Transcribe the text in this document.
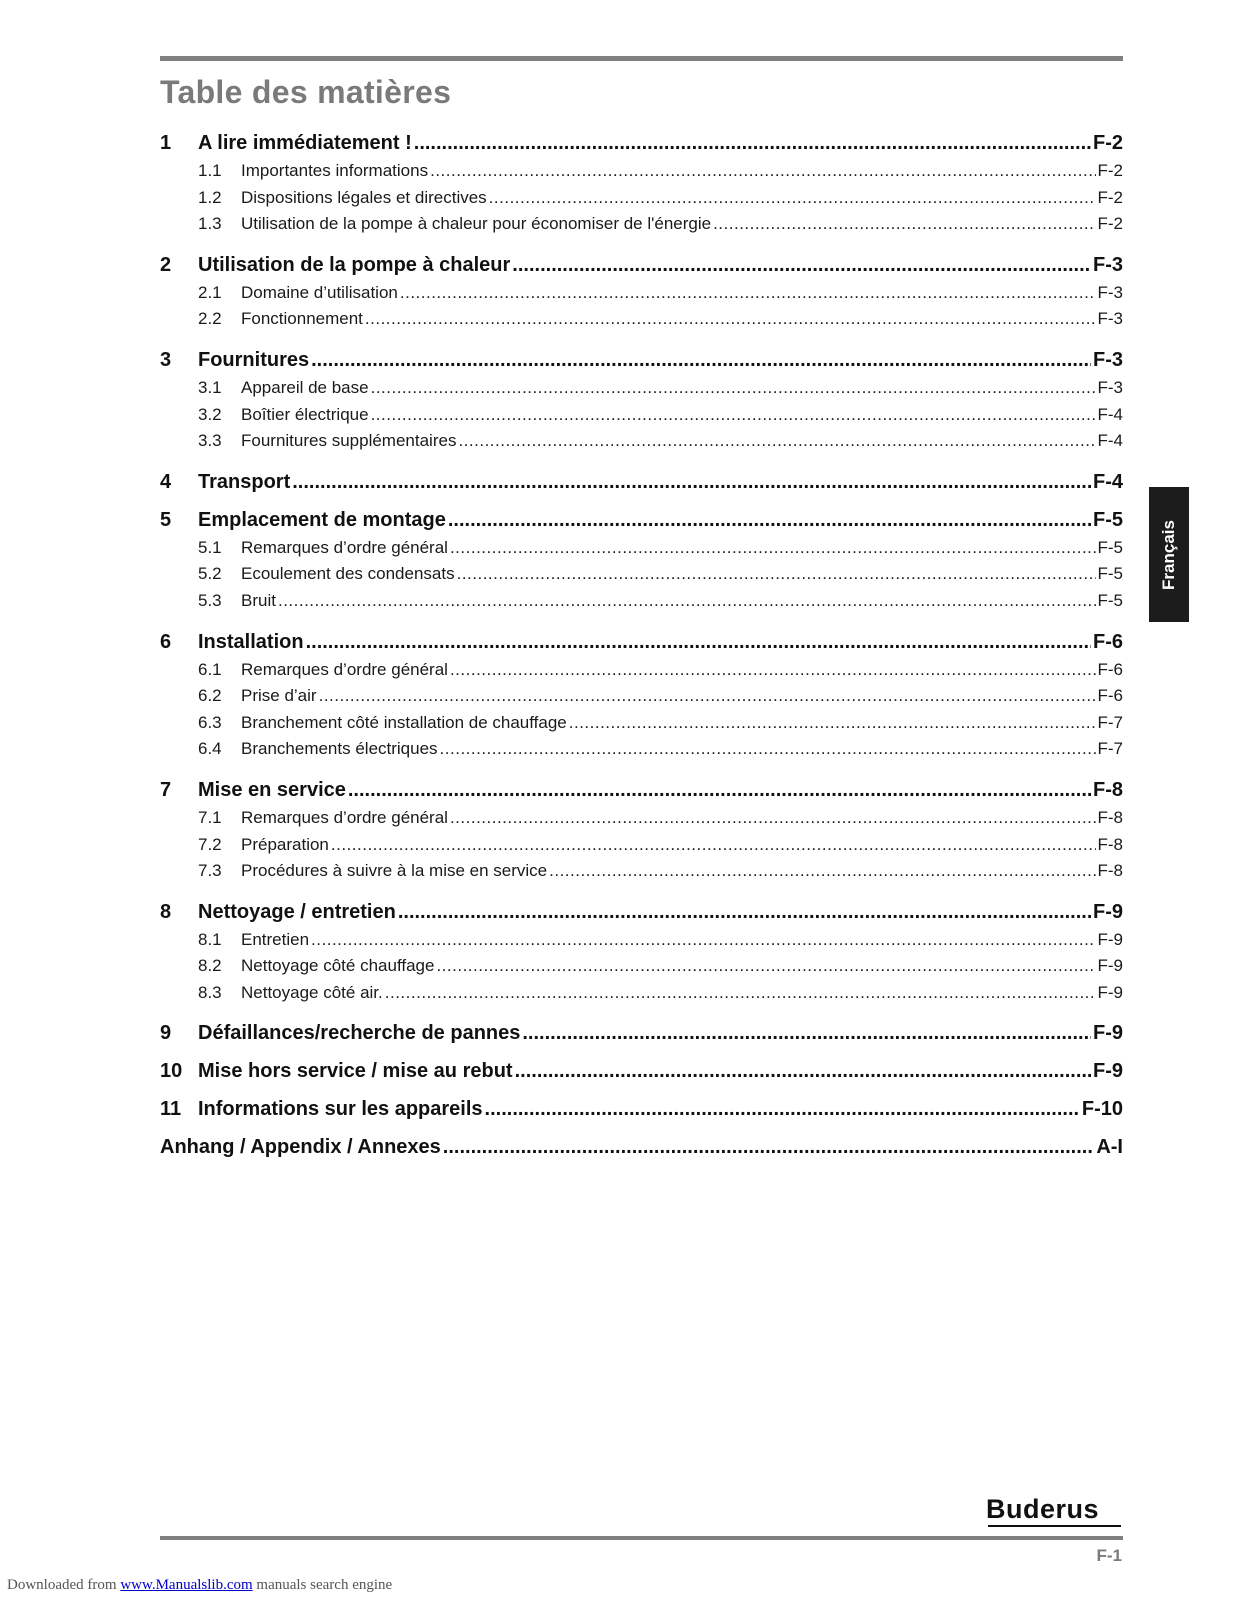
Table des matières
1	A lire immédiatement ! .....	F-2
1.1	Importantes informations .....	F-2
1.2	Dispositions légales et directives .....	F-2
1.3	Utilisation de la pompe à chaleur pour économiser de l'énergie .....	F-2
2	Utilisation de la pompe à chaleur .....	F-3
2.1	Domaine d’utilisation .....	F-3
2.2	Fonctionnement .....	F-3
3	Fournitures .....	F-3
3.1	Appareil de base .....	F-3
3.2	Boîtier électrique .....	F-4
3.3	Fournitures supplémentaires .....	F-4
4	Transport .....	F-4
5	Emplacement de montage .....	F-5
5.1	Remarques d’ordre général .....	F-5
5.2	Ecoulement des condensats .....	F-5
5.3	Bruit .....	F-5
6	Installation .....	F-6
6.1	Remarques d’ordre général .....	F-6
6.2	Prise d’air .....	F-6
6.3	Branchement côté installation de chauffage .....	F-7
6.4	Branchements électriques .....	F-7
7	Mise en service .....	F-8
7.1	Remarques d’ordre général .....	F-8
7.2	Préparation .....	F-8
7.3	Procédures à suivre à la mise en service .....	F-8
8	Nettoyage / entretien .....	F-9
8.1	Entretien .....	F-9
8.2	Nettoyage côté chauffage .....	F-9
8.3	Nettoyage côté air. .....	F-9
9	Défaillances/recherche de pannes .....	F-9
10 Mise hors service / mise au rebut .....	F-9
11 Informations sur les appareils .....	F-10
Anhang / Appendix / Annexes .....	A-I
Français
Buderus
F-1
Downloaded from www.Manualslib.com manuals search engine
